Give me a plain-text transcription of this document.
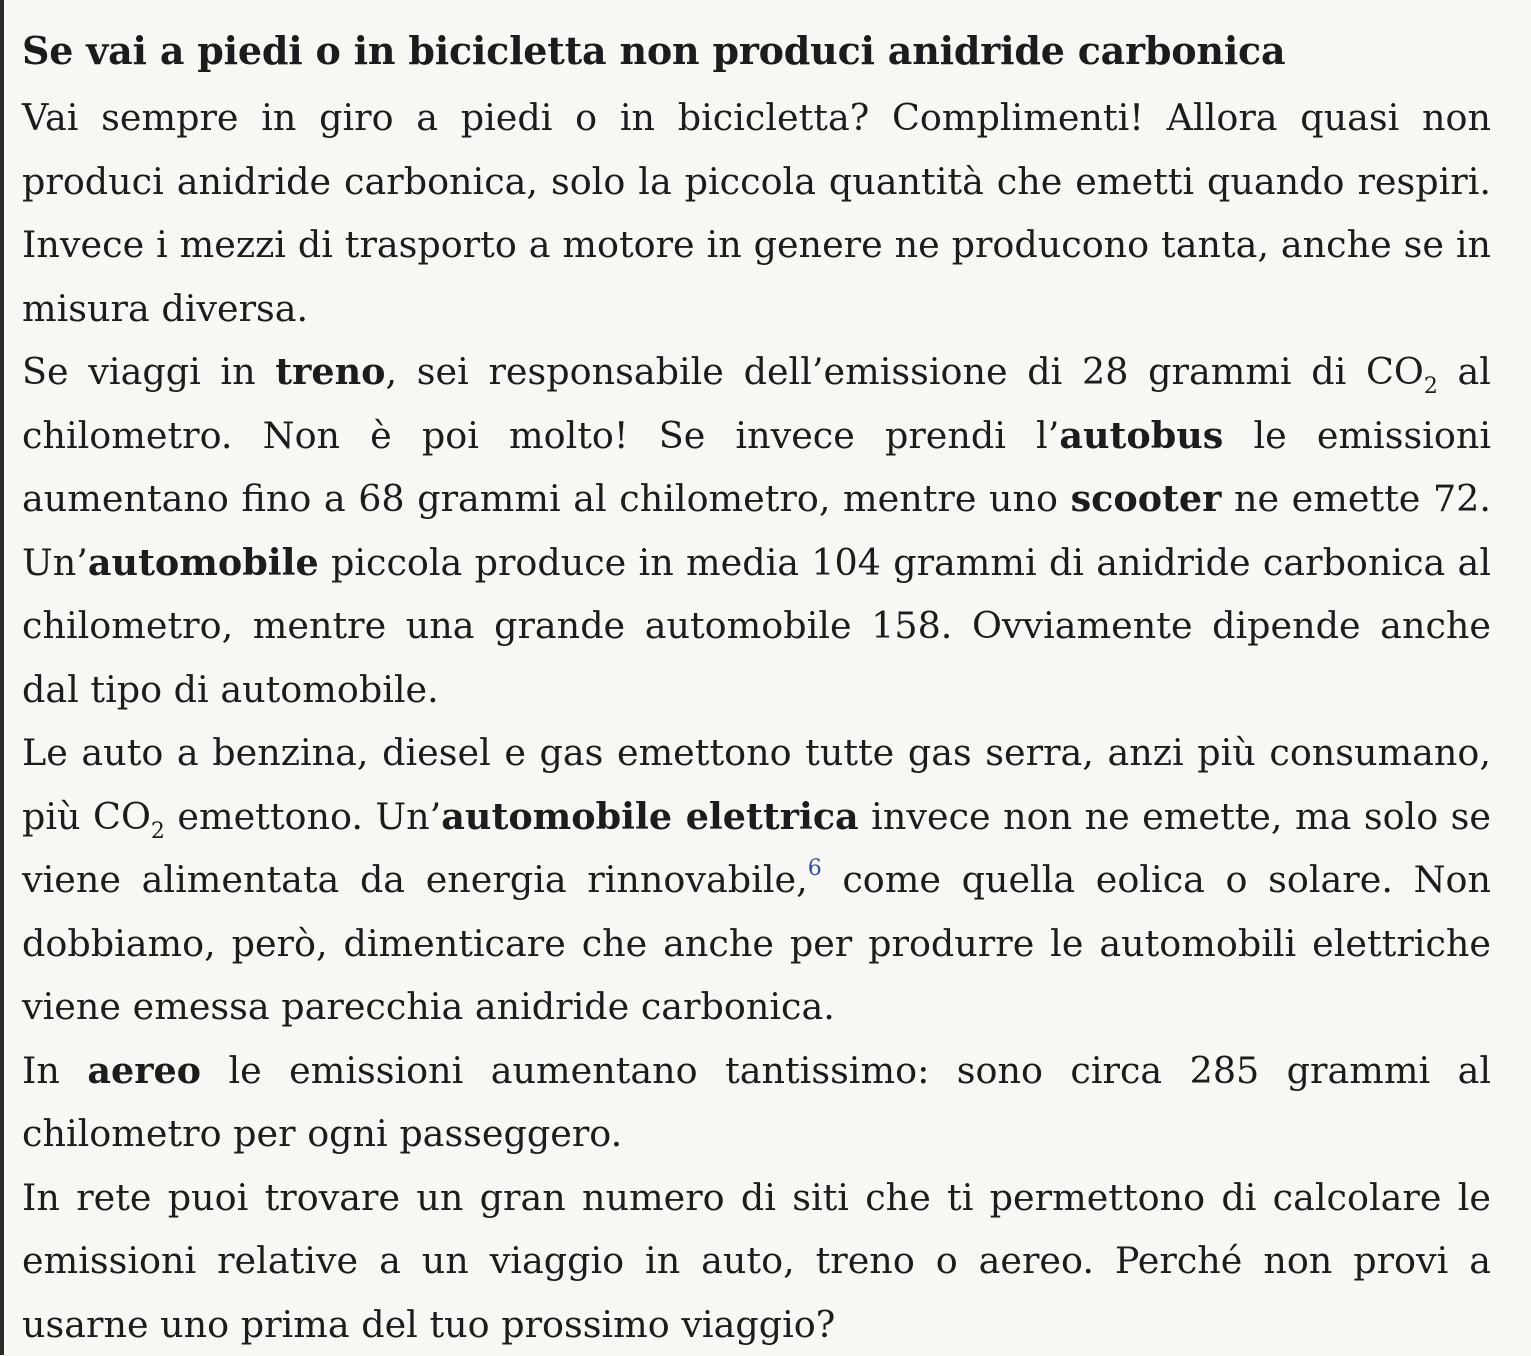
Se vai a piedi o in bicicletta non produci anidride carbonica

Vai sempre in giro a piedi o in bicicletta? Complimenti! Allora quasi non produci anidride carbonica, solo la piccola quantità che emetti quando respiri. Invece i mezzi di trasporto a motore in genere ne producono tanta, anche se in misura diversa.

Se viaggi in treno, sei responsabile dell’emissione di 28 grammi di $CO_2$ al chilometro. Non è poi molto! Se invece prendi l’autobus le emissioni aumentano fino a 68 grammi al chilometro, mentre uno scooter ne emette 72. Un’automobile piccola produce in media 104 grammi di anidride carbonica al chilometro, mentre una grande automobile 158. Ovviamente dipende anche dal tipo di automobile.

Le auto a benzina, diesel e gas emettono tutte gas serra, anzi più consumano, più $CO_2$ emettono. Un’automobile elettrica invece non ne emette, ma solo se viene alimentata da energia rinnovabile,$^6$ come quella eolica o solare. Non dobbiamo, però, dimenticare che anche per produrre le automobili elettriche viene emessa parecchia anidride carbonica.

In aereo le emissioni aumentano tantissimo: sono circa 285 grammi al chilometro per ogni passeggero.

In rete puoi trovare un gran numero di siti che ti permettono di calcolare le emissioni relative a un viaggio in auto, treno o aereo. Perché non provi a usarne uno prima del tuo prossimo viaggio?
